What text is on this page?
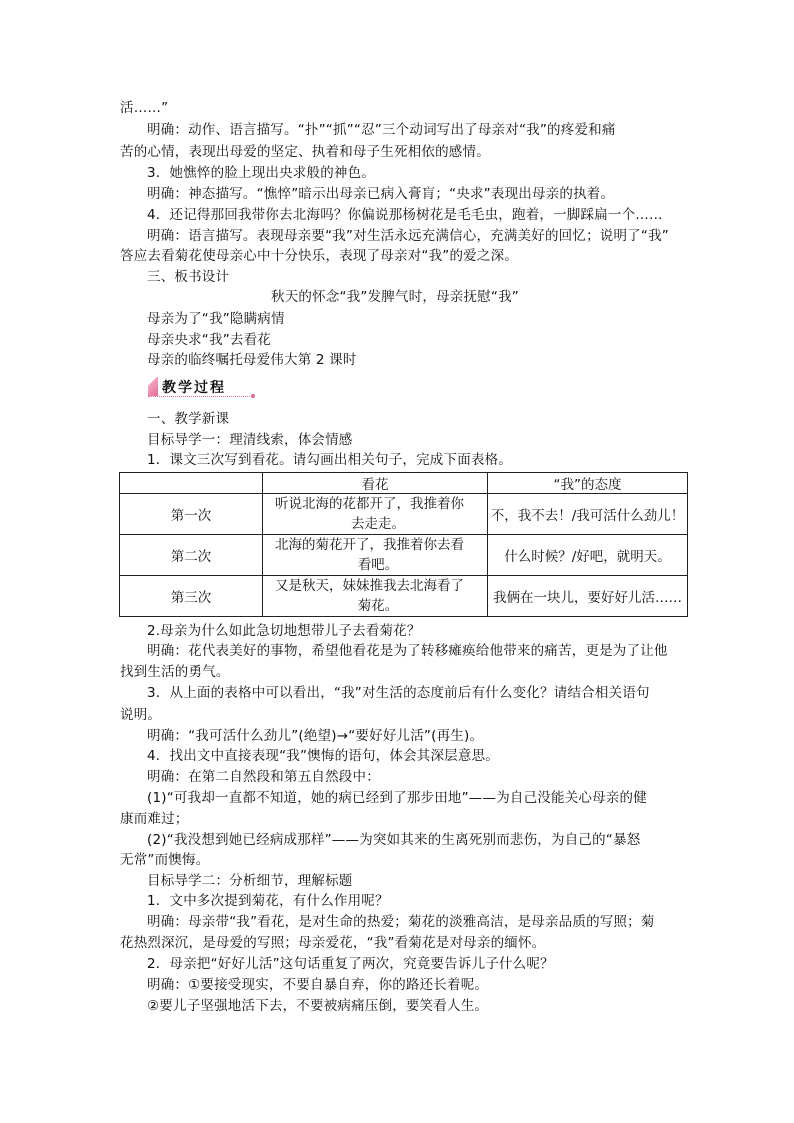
活……”
明确：动作、语言描写。“扑”“抓”“忍”三个动词写出了母亲对“我”的疼爱和痛
苦的心情，表现出母爱的坚定、执着和母子生死相依的感情。
3．她憔悴的脸上现出央求般的神色。
明确：神态描写。“憔悴”暗示出母亲已病入膏肓；“央求”表现出母亲的执着。
4．还记得那回我带你去北海吗？你偏说那杨树花是毛毛虫，跑着，一脚踩扁一个……
明确：语言描写。表现母亲要“我”对生活永远充满信心，充满美好的回忆；说明了“我”
答应去看菊花使母亲心中十分快乐，表现了母亲对“我”的爱之深。
三、板书设计
秋天的怀念“我”发脾气时，母亲抚慰“我”
母亲为了“我”隐瞒病情
母亲央求“我”去看花
母亲的临终嘱托母爱伟大第 2 课时
教学过程
一、教学新课
目标导学一：理清线索，体会情感
1．课文三次写到看花。请勾画出相关句子，完成下面表格。
	看花	“我”的态度
第一次	听说北海的花都开了，我推着你
去走走。	不，我不去！/我可活什么劲儿！
第二次	北海的菊花开了，我推着你去看
看吧。	什么时候？/好吧，就明天。
第三次	又是秋天，妹妹推我去北海看了
菊花。	我俩在一块儿，要好好儿活……
2.母亲为什么如此急切地想带儿子去看菊花？
明确：花代表美好的事物，希望他看花是为了转移瘫痪给他带来的痛苦，更是为了让他
找到生活的勇气。
3．从上面的表格中可以看出，“我”对生活的态度前后有什么变化？请结合相关语句
说明。
明确：“我可活什么劲儿”(绝望)→“要好好儿活”(再生)。
4．找出文中直接表现“我”懊悔的语句，体会其深层意思。
明确：在第二自然段和第五自然段中：
(1)“可我却一直都不知道，她的病已经到了那步田地”——为自己没能关心母亲的健
康而难过；
(2)“我没想到她已经病成那样”——为突如其来的生离死别而悲伤，为自己的“暴怒
无常”而懊悔。
目标导学二：分析细节，理解标题
1．文中多次提到菊花，有什么作用呢？
明确：母亲带“我”看花，是对生命的热爱；菊花的淡雅高洁，是母亲品质的写照；菊
花热烈深沉，是母爱的写照；母亲爱花，“我”看菊花是对母亲的缅怀。
2．母亲把“好好儿活”这句话重复了两次，究竟要告诉儿子什么呢？
明确：①要接受现实，不要自暴自弃，你的路还长着呢。
②要儿子坚强地活下去，不要被病痛压倒，要笑看人生。
